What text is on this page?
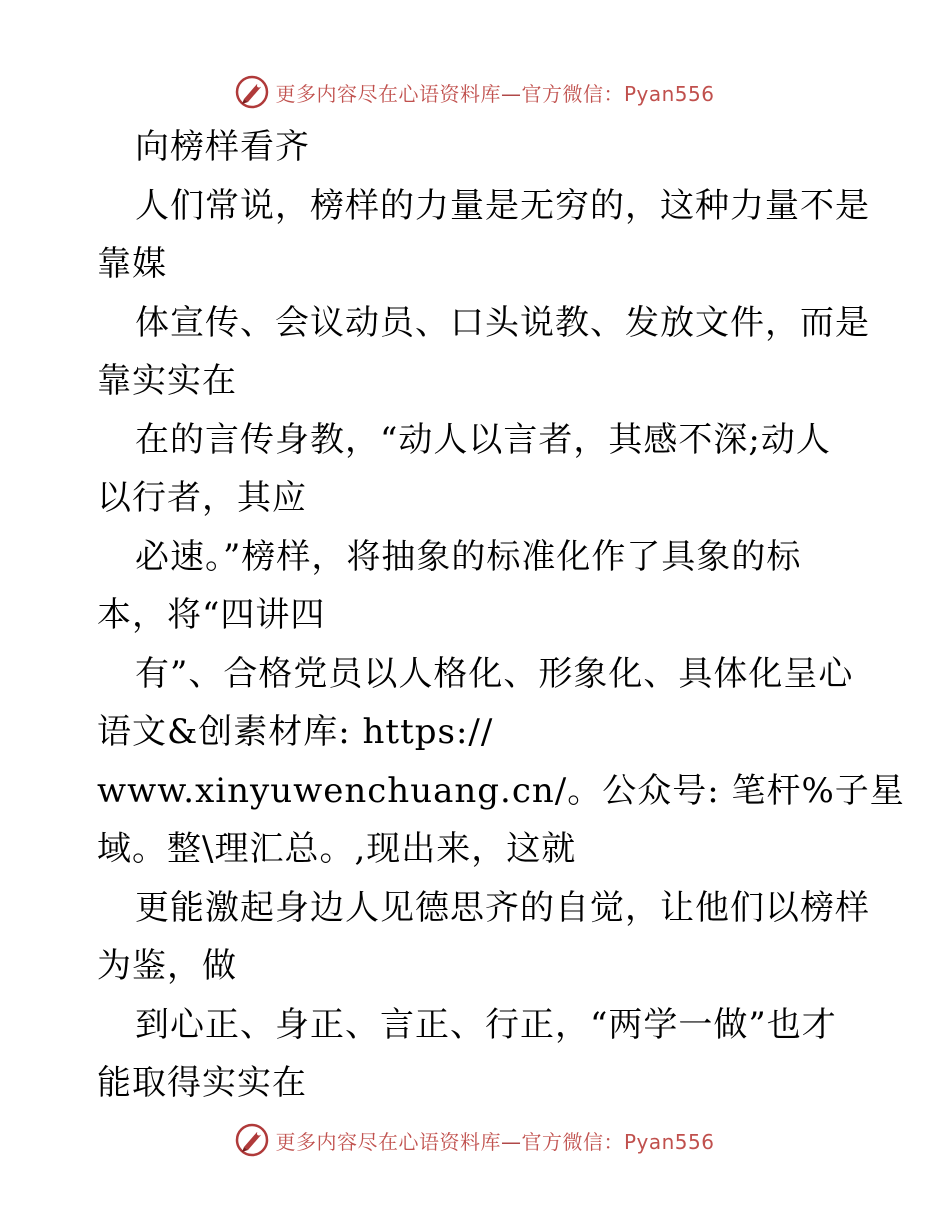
更多内容尽在心语资料库—官方微信：Pyan556
向榜样看齐
人们常说，榜样的力量是无穷的，这种力量不是
靠媒
体宣传、会议动员、口头说教、发放文件，而是
靠实实在
在的言传身教，“动人以言者，其感不深;动人
以行者，其应
必速。”榜样，将抽象的标准化作了具象的标
本，将“四讲四
有”、合格党员以人格化、形象化、具体化呈心
语文&创素材库: https://
www.xinyuwenchuang.cn/。公众号: 笔杆%子星
域。整\理汇总。,现出来，这就
更能激起身边人见德思齐的自觉，让他们以榜样
为鉴，做
到心正、身正、言正、行正，“两学一做”也才
能取得实实在
更多内容尽在心语资料库—官方微信：Pyan556
